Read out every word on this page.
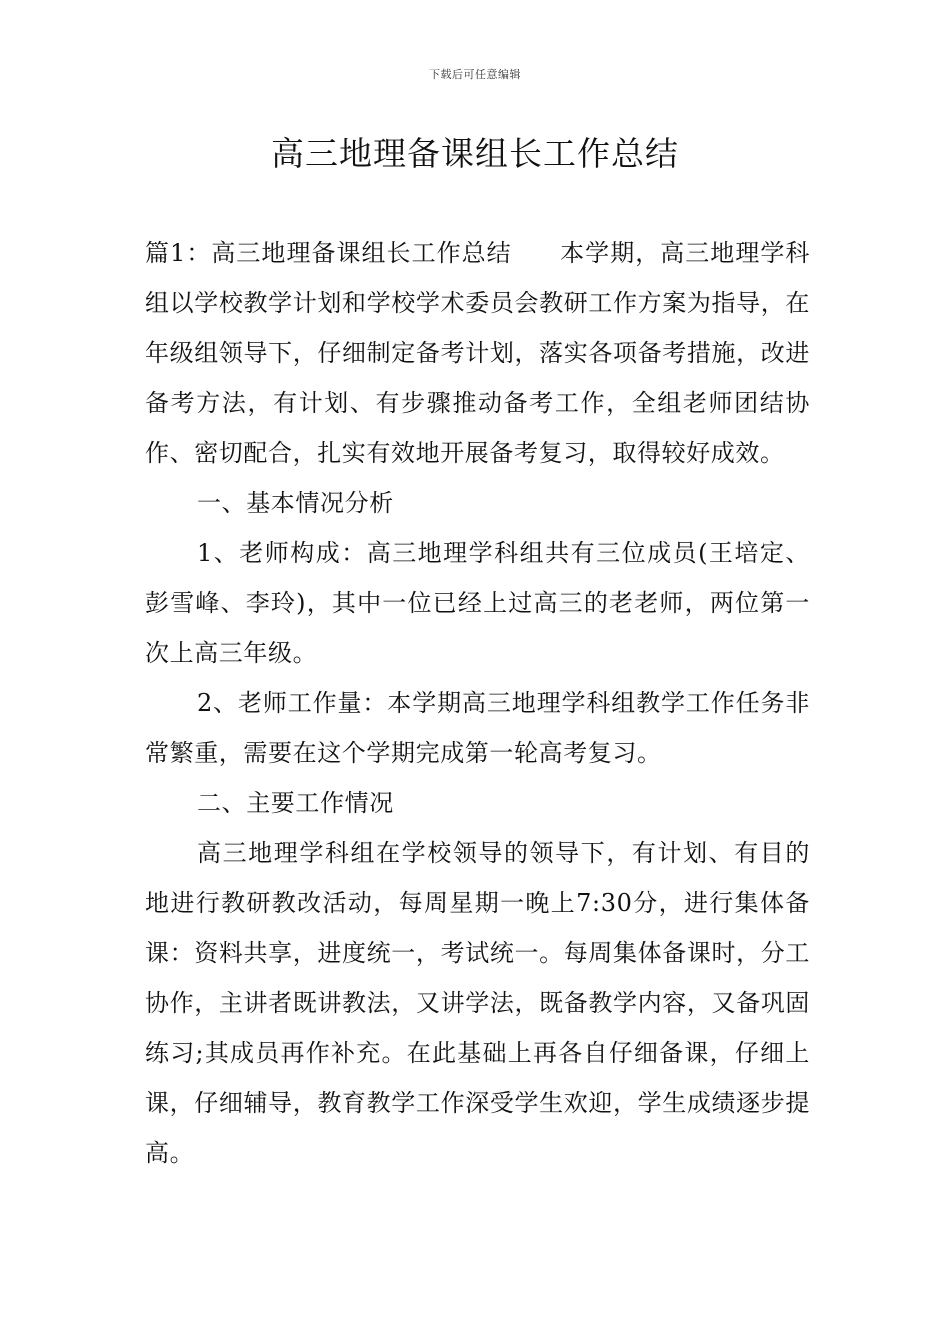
下载后可任意编辑
高三地理备课组长工作总结

篇1：高三地理备课组长工作总结 本学期，高三地理学科组以学校教学计划和学校学术委员会教研工作方案为指导，在年级组领导下，仔细制定备考计划，落实各项备考措施，改进备考方法，有计划、有步骤推动备考工作，全组老师团结协作、密切配合，扎实有效地开展备考复习，取得较好成效。

一、基本情况分析

1、老师构成：高三地理学科组共有三位成员(王培定、彭雪峰、李玲)，其中一位已经上过高三的老老师，两位第一次上高三年级。

2、老师工作量：本学期高三地理学科组教学工作任务非常繁重，需要在这个学期完成第一轮高考复习。

二、主要工作情况

高三地理学科组在学校领导的领导下，有计划、有目的地进行教研教改活动，每周星期一晚上7:30分，进行集体备课：资料共享，进度统一，考试统一。每周集体备课时，分工协作，主讲者既讲教法，又讲学法，既备教学内容，又备巩固练习;其成员再作补充。在此基础上再各自仔细备课，仔细上课，仔细辅导，教育教学工作深受学生欢迎，学生成绩逐步提高。
